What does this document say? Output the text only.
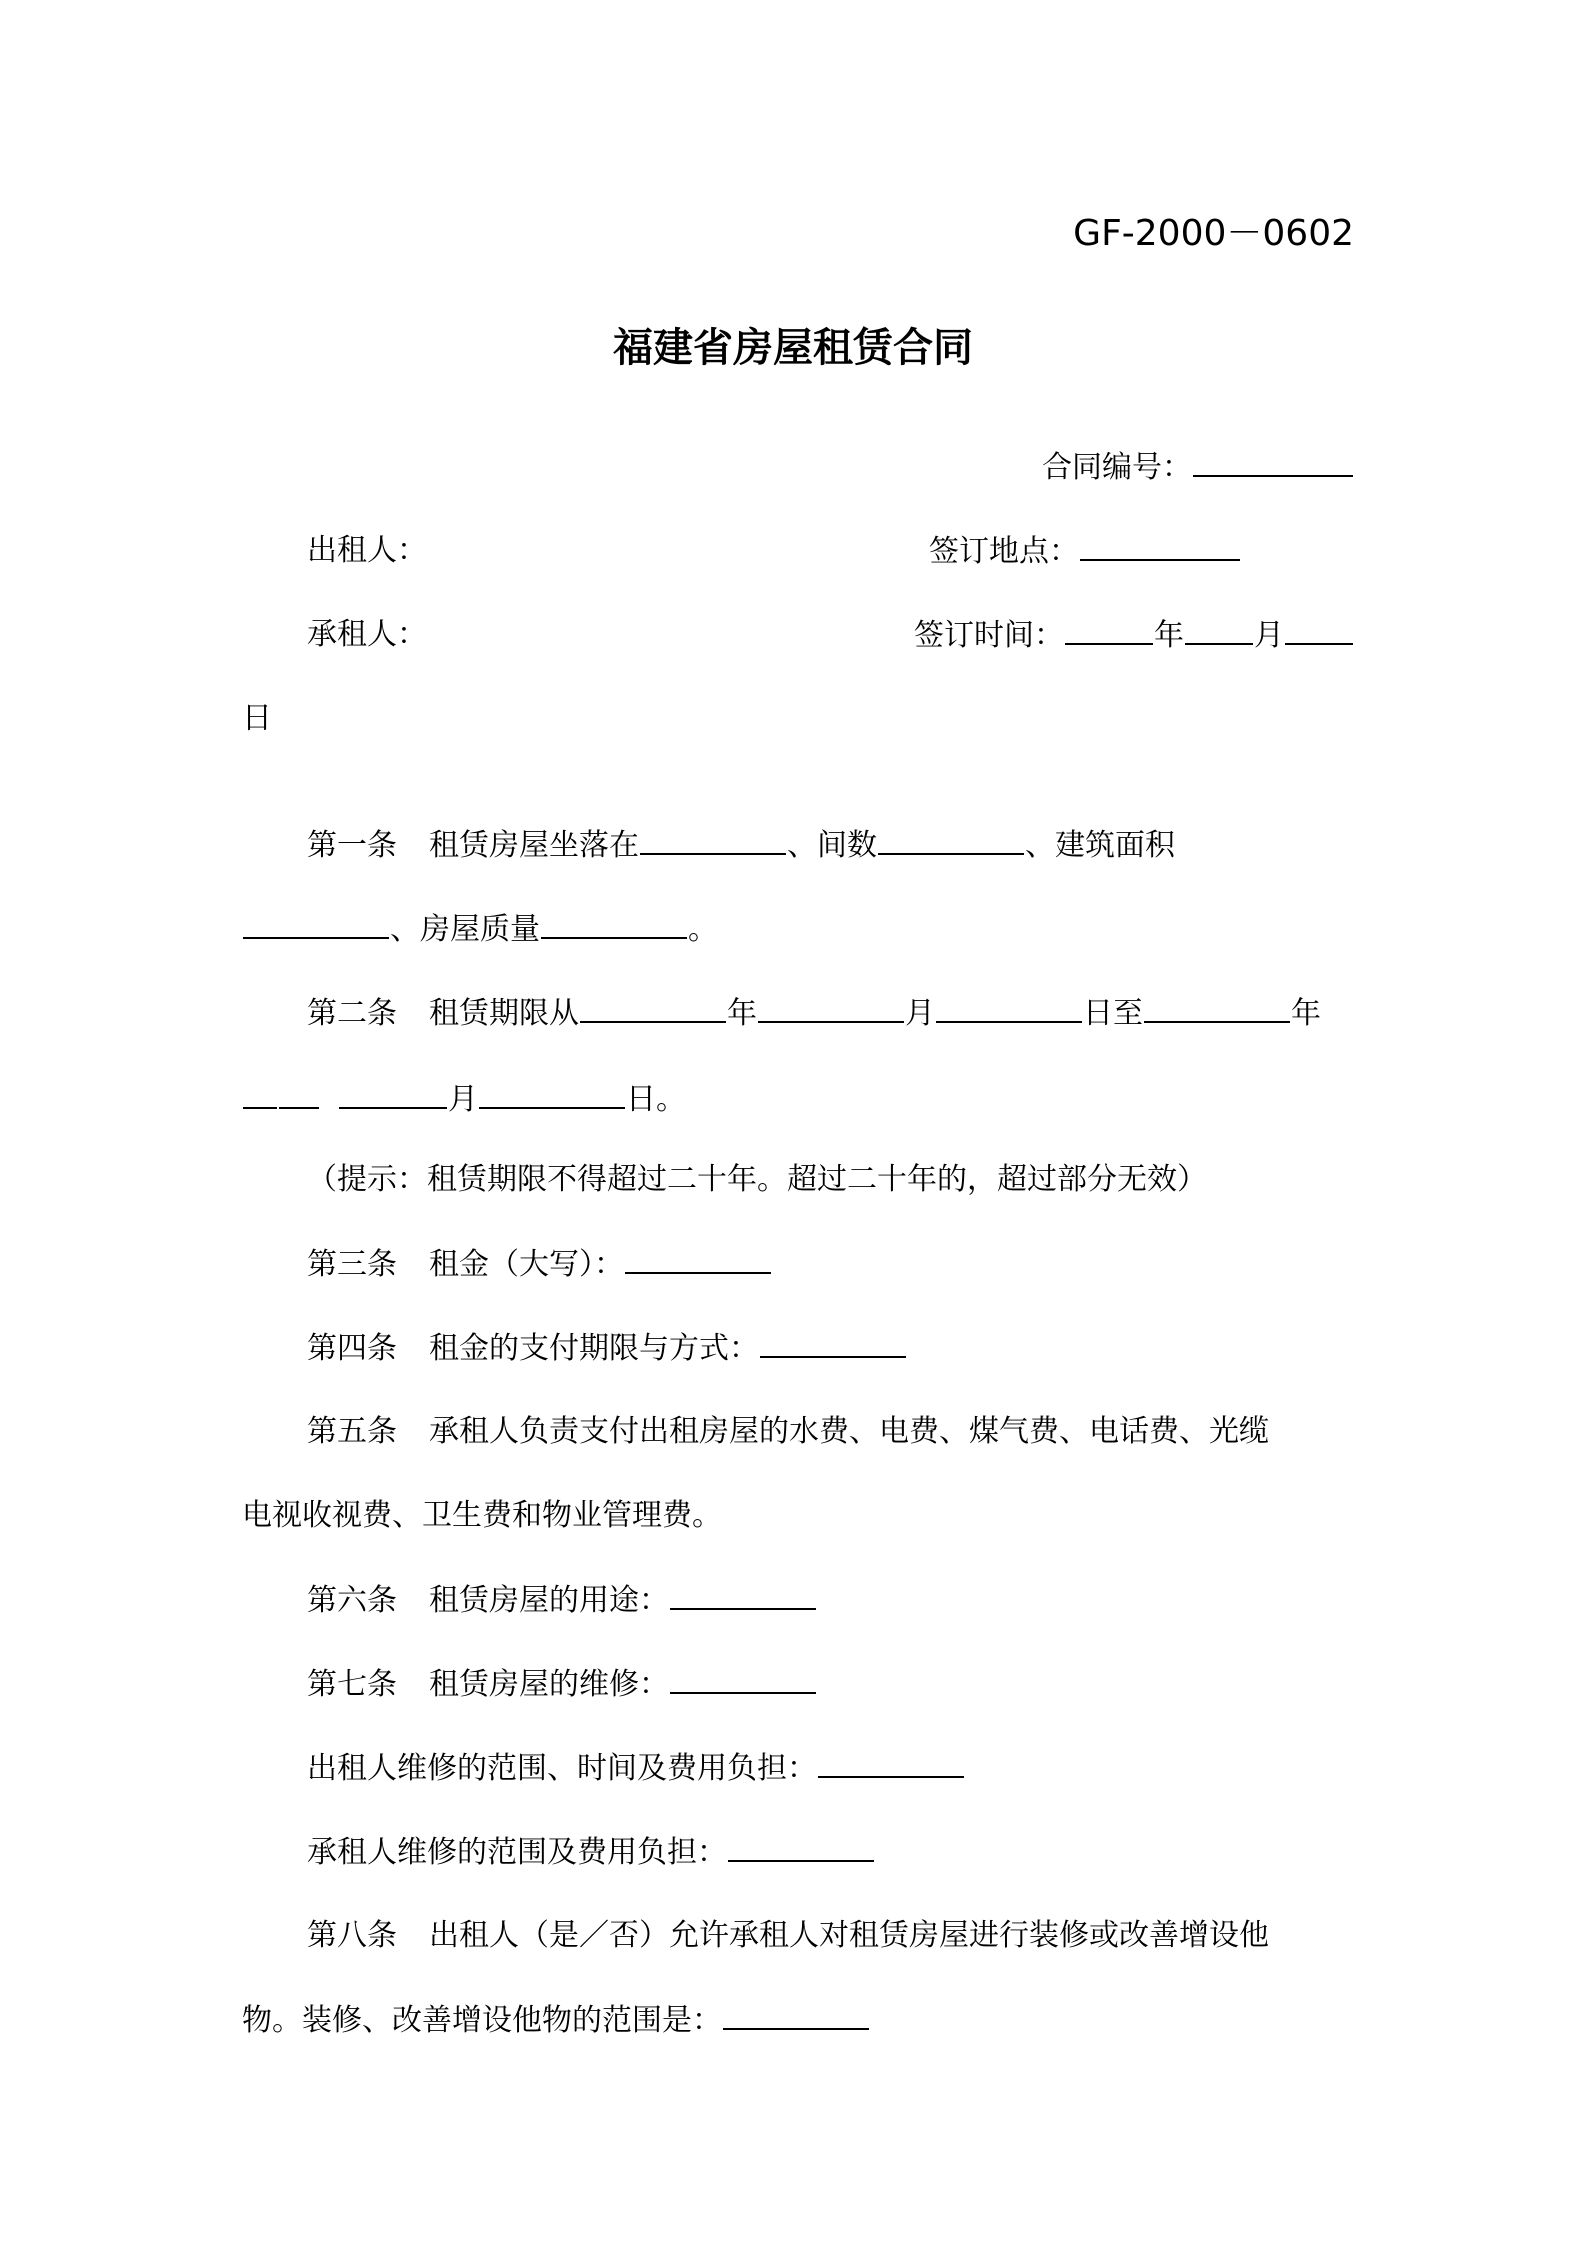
GF-2000－0602
福建省房屋租赁合同
合同编号：
出租人：	签订地点：
承租人：	签订时间：	年 月
日
第一条 租赁房屋坐落在	、间数	、建筑面积
、房屋质量	。
第二条 租赁期限从	年	月	日至	年
月	日。
（提示：租赁期限不得超过二十年。超过二十年的，超过部分无效）
第三条 租金（大写）：
第四条 租金的支付期限与方式：
第五条 承租人负责支付出租房屋的水费、电费、煤气费、电话费、光缆
电视收视费、卫生费和物业管理费。
第六条 租赁房屋的用途：
第七条 租赁房屋的维修：
出租人维修的范围、时间及费用负担：
承租人维修的范围及费用负担：
第八条 出租人（是／否）允许承租人对租赁房屋进行装修或改善增设他
物。装修、改善增设他物的范围是：
